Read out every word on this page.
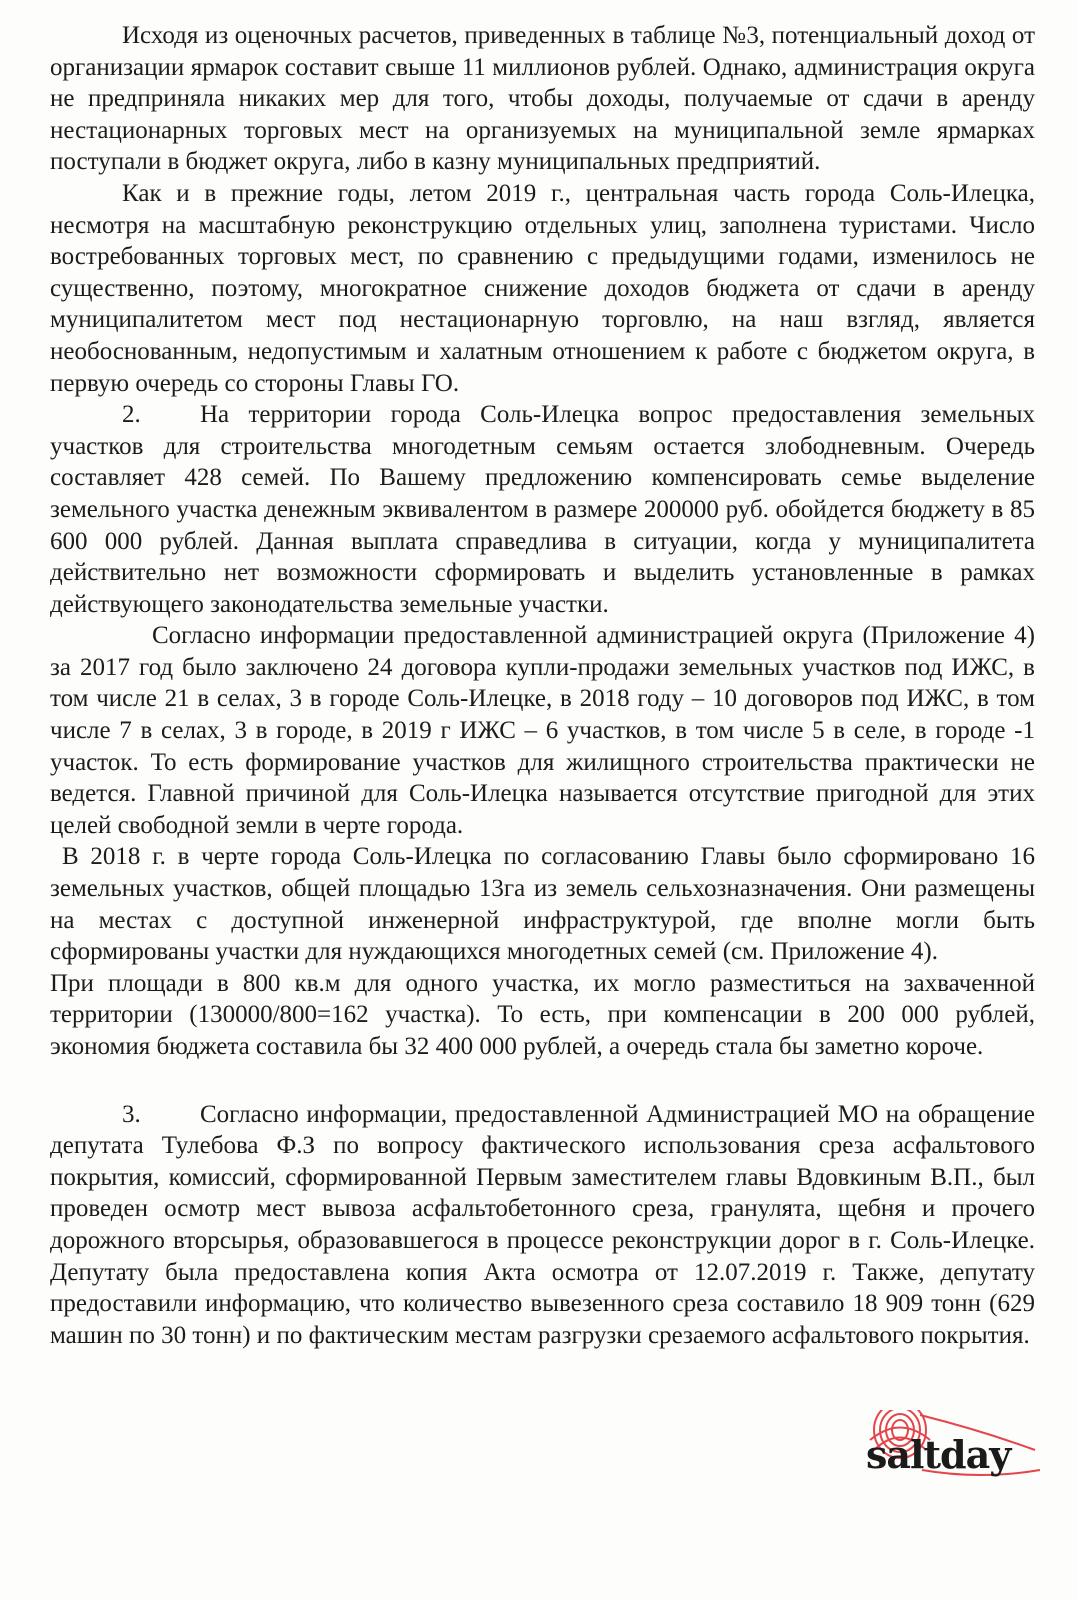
Исходя из оценочных расчетов, приведенных в таблице №3, потенциальный доход от организации ярмарок составит свыше 11 миллионов рублей. Однако, администрация округа не предприняла никаких мер для того, чтобы доходы, получаемые от сдачи в аренду нестационарных торговых мест на организуемых на муниципальной земле ярмарках поступали в бюджет округа, либо в казну муниципальных предприятий.

Как и в прежние годы, летом 2019 г., центральная часть города Соль-Илецка, несмотря на масштабную реконструкцию отдельных улиц, заполнена туристами. Число востребованных торговых мест, по сравнению с предыдущими годами, изменилось не существенно, поэтому, многократное снижение доходов бюджета от сдачи в аренду муниципалитетом мест под нестационарную торговлю, на наш взгляд, является необоснованным, недопустимым и халатным отношением к работе с бюджетом округа, в первую очередь со стороны Главы ГО.

2. На территории города Соль-Илецка вопрос предоставления земельных участков для строительства многодетным семьям остается злободневным. Очередь составляет 428 семей. По Вашему предложению компенсировать семье выделение земельного участка денежным эквивалентом в размере 200000 руб. обойдется бюджету в 85 600 000 рублей. Данная выплата справедлива в ситуации, когда у муниципалитета действительно нет возможности сформировать и выделить установленные в рамках действующего законодательства земельные участки.

Согласно информации предоставленной администрацией округа (Приложение 4) за 2017 год было заключено 24 договора купли-продажи земельных участков под ИЖС, в том числе 21 в селах, 3 в городе Соль-Илецке, в 2018 году – 10 договоров под ИЖС, в том числе 7 в селах, 3 в городе, в 2019 г ИЖС – 6 участков, в том числе 5 в селе, в городе -1 участок. То есть формирование участков для жилищного строительства практически не ведется. Главной причиной для Соль-Илецка называется отсутствие пригодной для этих целей свободной земли в черте города.

В 2018 г. в черте города Соль-Илецка по согласованию Главы было сформировано 16 земельных участков, общей площадью 13га из земель сельхозназначения. Они размещены на местах с доступной инженерной инфраструктурой, где вполне могли быть сформированы участки для нуждающихся многодетных семей (см. Приложение 4).

При площади в 800 кв.м для одного участка, их могло разместиться на захваченной территории (130000/800=162 участка). То есть, при компенсации в 200 000 рублей, экономия бюджета составила бы 32 400 000 рублей, а очередь стала бы заметно короче.

3. Согласно информации, предоставленной Администрацией МО на обращение депутата Тулебова Ф.З по вопросу фактического использования среза асфальтового покрытия, комиссий, сформированной Первым заместителем главы Вдовкиным В.П., был проведен осмотр мест вывоза асфальтобетонного среза, гранулята, щебня и прочего дорожного вторсырья, образовавшегося в процессе реконструкции дорог в г. Соль-Илецке. Депутату была предоставлена копия Акта осмотра от 12.07.2019 г. Также, депутату предоставили информацию, что количество вывезенного среза составило 18 909 тонн (629 машин по 30 тонн) и по фактическим местам разгрузки срезаемого асфальтового покрытия.

saltday
